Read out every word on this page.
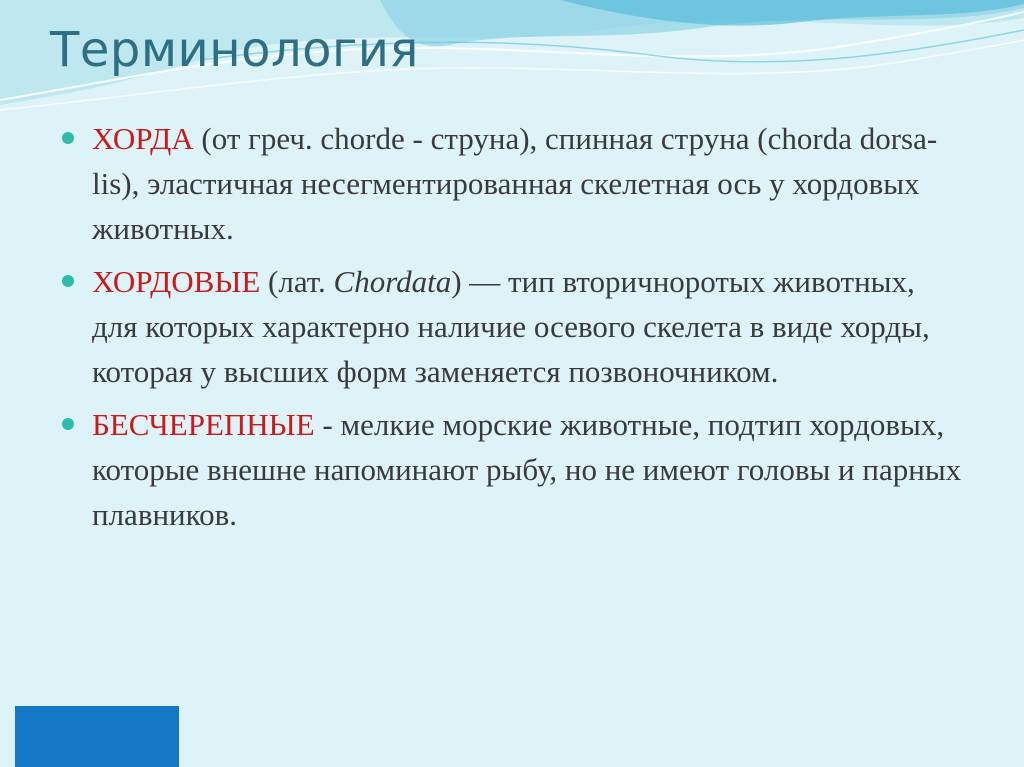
Терминология
ХОРДА (от греч. chorde - струна), спинная струна (chorda dorsa-lis), эластичная несегментированная скелетная ось у хордовых животных.
ХОРДОВЫЕ (лат. Chordata) — тип вторичноротых животных, для которых характерно наличие осевого скелета в виде хорды, которая у высших форм заменяется позвоночником.
БЕСЧЕРЕПНЫЕ - мелкие морские животные, подтип хордовых, которые внешне напоминают рыбу, но не имеют головы и парных плавников.
